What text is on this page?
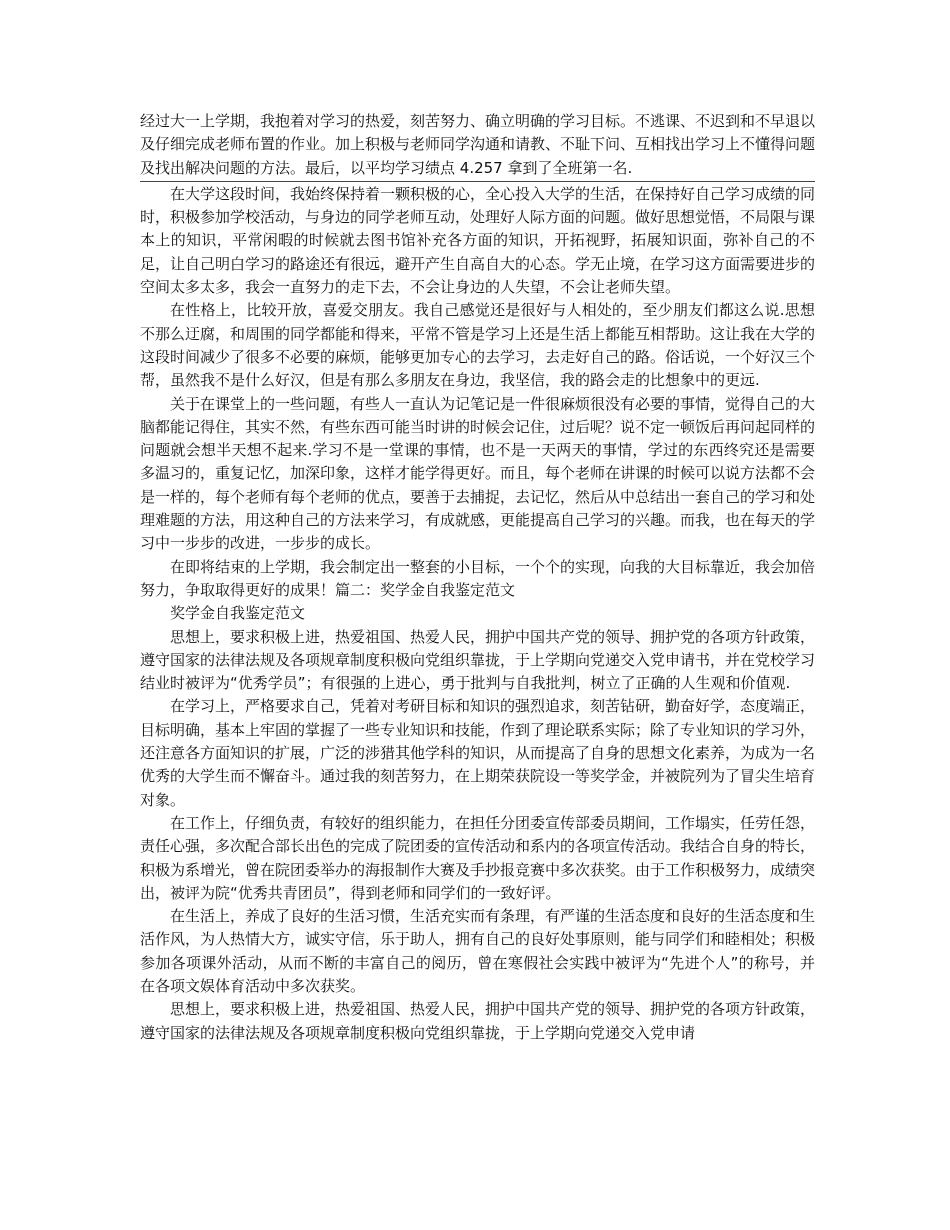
经过大一上学期，我抱着对学习的热爱，刻苦努力、确立明确的学习目标。不逃课、不迟到和不早退以及仔细完成老师布置的作业。加上积极与老师同学沟通和请教、不耻下问、互相找出学习上不懂得问题及找出解决问题的方法。最后，以平均学习绩点 4.257 拿到了全班第一名.

在大学这段时间，我始终保持着一颗积极的心，全心投入大学的生活，在保持好自己学习成绩的同时，积极参加学校活动，与身边的同学老师互动，处理好人际方面的问题。做好思想觉悟，不局限与课本上的知识，平常闲暇的时候就去图书馆补充各方面的知识，开拓视野，拓展知识面，弥补自己的不足，让自己明白学习的路途还有很远，避开产生自高自大的心态。学无止境，在学习这方面需要进步的空间太多太多，我会一直努力的走下去，不会让身边的人失望，不会让老师失望。

在性格上，比较开放，喜爱交朋友。我自己感觉还是很好与人相处的，至少朋友们都这么说.思想不那么迂腐，和周围的同学都能和得来，平常不管是学习上还是生活上都能互相帮助。这让我在大学的这段时间减少了很多不必要的麻烦，能够更加专心的去学习，去走好自己的路。俗话说，一个好汉三个帮，虽然我不是什么好汉，但是有那么多朋友在身边，我坚信，我的路会走的比想象中的更远.

关于在课堂上的一些问题，有些人一直认为记笔记是一件很麻烦很没有必要的事情，觉得自己的大脑都能记得住，其实不然，有些东西可能当时讲的时候会记住，过后呢？说不定一顿饭后再问起同样的问题就会想半天想不起来.学习不是一堂课的事情，也不是一天两天的事情，学过的东西终究还是需要多温习的，重复记忆，加深印象，这样才能学得更好。而且，每个老师在讲课的时候可以说方法都不会是一样的，每个老师有每个老师的优点，要善于去捕捉，去记忆，然后从中总结出一套自己的学习和处理难题的方法，用这种自己的方法来学习，有成就感，更能提高自己学习的兴趣。而我，也在每天的学习中一步步的改进，一步步的成长。

在即将结束的上学期，我会制定出一整套的小目标，一个个的实现，向我的大目标靠近，我会加倍努力，争取取得更好的成果！篇二：奖学金自我鉴定范文

奖学金自我鉴定范文

思想上，要求积极上进，热爱祖国、热爱人民，拥护中国共产党的领导、拥护党的各项方针政策，遵守国家的法律法规及各项规章制度积极向党组织靠拢，于上学期向党递交入党申请书，并在党校学习结业时被评为“优秀学员”；有很强的上进心，勇于批判与自我批判，树立了正确的人生观和价值观.

在学习上，严格要求自己，凭着对考研目标和知识的强烈追求，刻苦钻研，勤奋好学，态度端正，目标明确，基本上牢固的掌握了一些专业知识和技能，作到了理论联系实际；除了专业知识的学习外，还注意各方面知识的扩展，广泛的涉猎其他学科的知识，从而提高了自身的思想文化素养，为成为一名优秀的大学生而不懈奋斗。通过我的刻苦努力，在上期荣获院设一等奖学金，并被院列为了冒尖生培育对象。

在工作上，仔细负责，有较好的组织能力，在担任分团委宣传部委员期间，工作塌实，任劳任怨，责任心强，多次配合部长出色的完成了院团委的宣传活动和系内的各项宣传活动。我结合自身的特长，积极为系增光，曾在院团委举办的海报制作大赛及手抄报竞赛中多次获奖。由于工作积极努力，成绩突出，被评为院“优秀共青团员”，得到老师和同学们的一致好评。

在生活上，养成了良好的生活习惯，生活充实而有条理，有严谨的生活态度和良好的生活态度和生活作风，为人热情大方，诚实守信，乐于助人，拥有自己的良好处事原则，能与同学们和睦相处；积极参加各项课外活动，从而不断的丰富自己的阅历，曾在寒假社会实践中被评为“先进个人”的称号，并在各项文娱体育活动中多次获奖。

思想上，要求积极上进，热爱祖国、热爱人民，拥护中国共产党的领导、拥护党的各项方针政策，遵守国家的法律法规及各项规章制度积极向党组织靠拢，于上学期向党递交入党申请
